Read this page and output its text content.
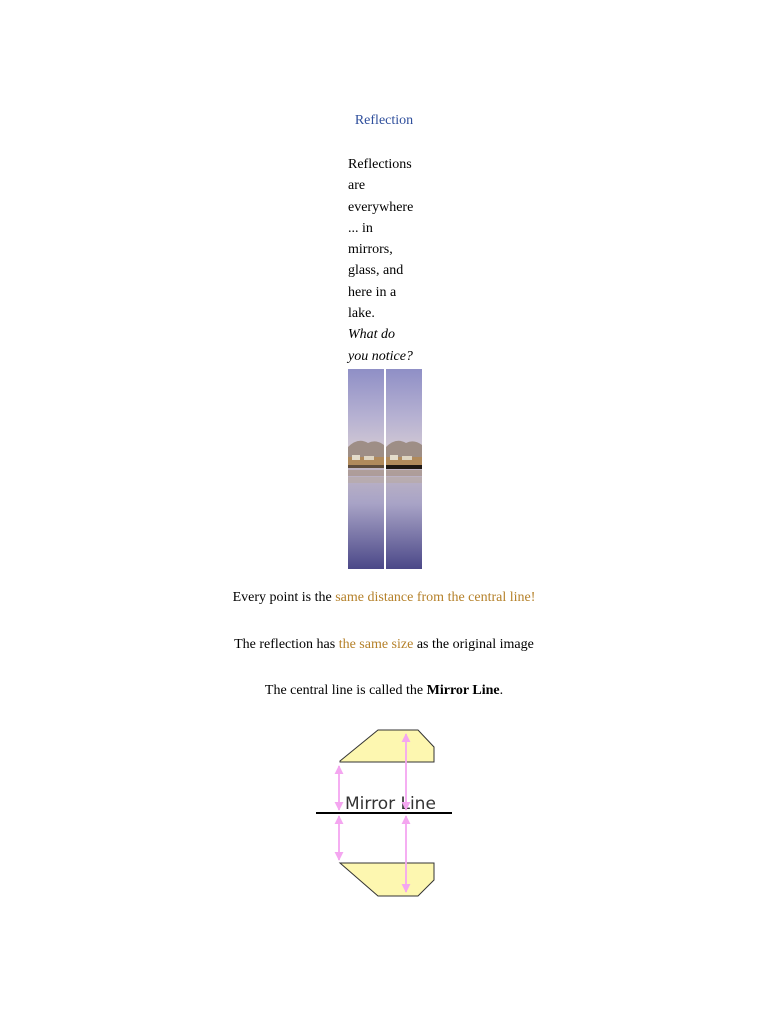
Reflection
Reflections
are
everywhere
... in
mirrors,
glass, and
here in a
lake.
What do
you notice?
Every point is the same distance from the central line!
The reflection has the same size as the original image
The central line is called the Mirror Line.
Mirror Line
